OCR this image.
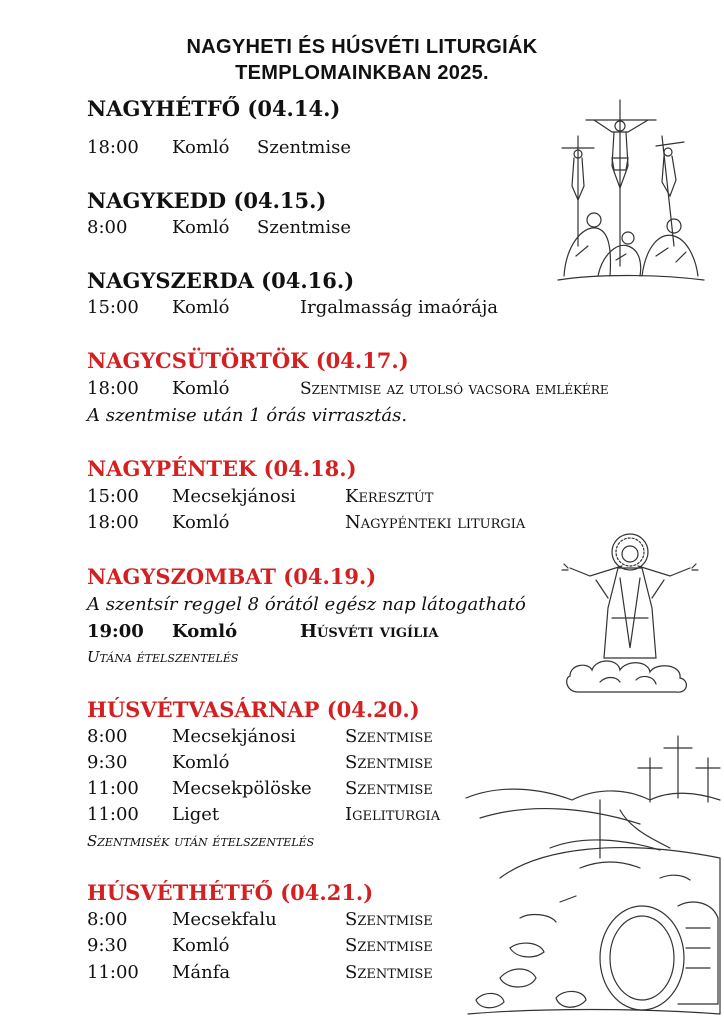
NAGYHETI ÉS HÚSVÉTI LITURGIÁK
TEMPLOMAINKBAN 2025.
NAGYHÉTFŐ (04.14.)
18:00 Komló Szentmise
NAGYKEDD (04.15.)
8:00 Komló Szentmise
NAGYSZERDA (04.16.)
15:00 Komló	Irgalmasság imaórája
NAGYCSÜTÖRTÖK (04.17.)
18:00 Komló	Szentmise az utolsó vacsora emlékére
A szentmise után 1 órás virrasztás.
NAGYPÉNTEK (04.18.)
15:00 Mecsekjánosi	Keresztút
18:00 Komló	Nagypénteki liturgia
NAGYSZOMBAT (04.19.)
A szentsír reggel 8 órától egész nap látogatható
19:00 Komló	Húsvéti vigília
Utána ételszentelés
HÚSVÉTVASÁRNAP (04.20.)
8:00 Mecsekjánosi	Szentmise
9:30 Komló	Szentmise
11:00 Mecsekpölöske Szentmise
11:00 Liget	Igeliturgia
Szentmisék után ételszentelés
HÚSVÉTHÉTFŐ (04.21.)
8:00 Mecsekfalu	Szentmise
9:30 Komló	Szentmise
11:00 Mánfa	Szentmise
